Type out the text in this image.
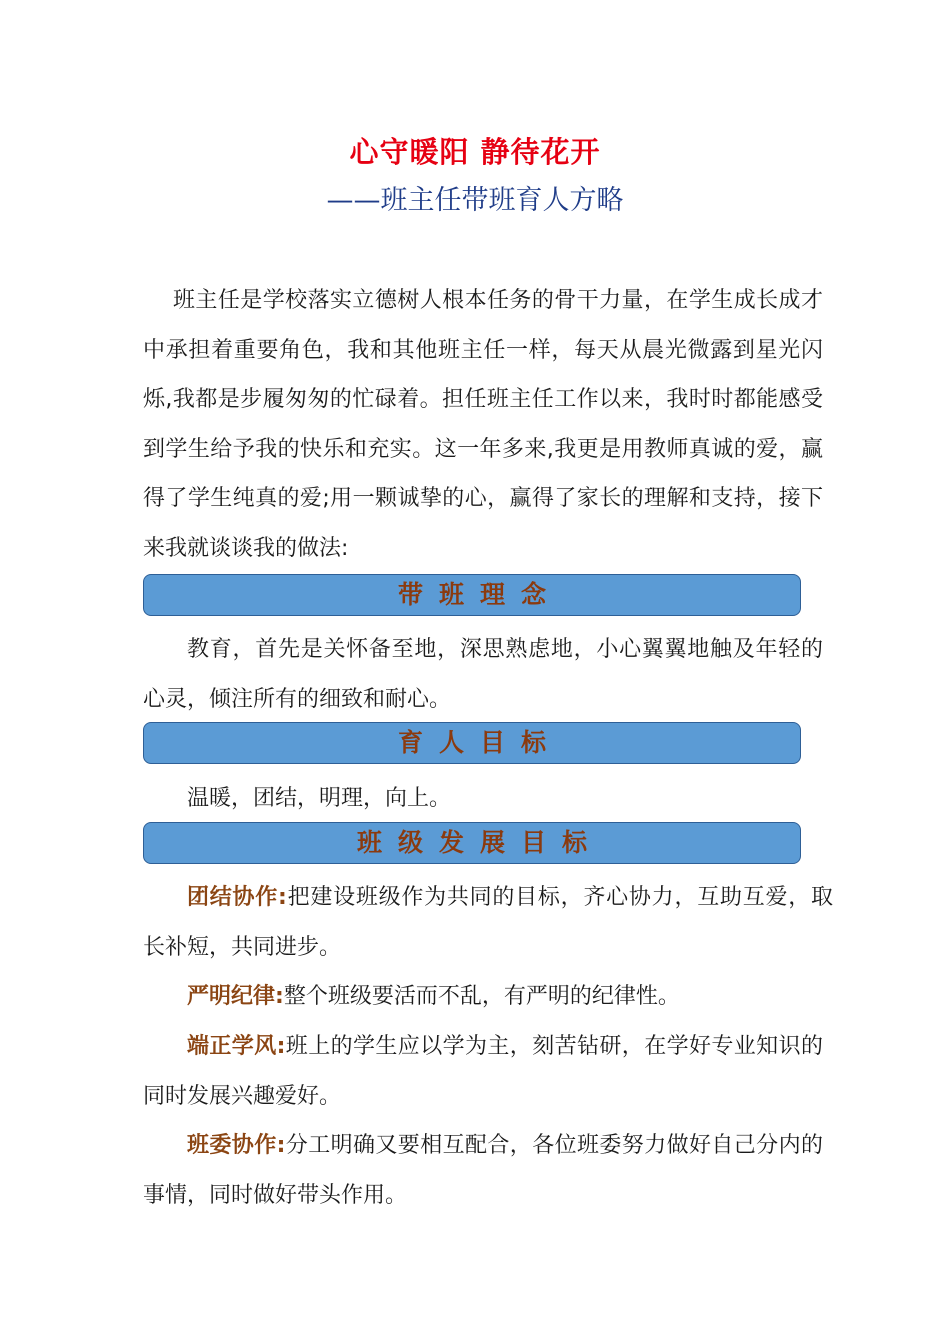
心守暖阳 静待花开
——班主任带班育人方略

班主任是学校落实立德树人根本任务的骨干力量，在学生成长成才中承担着重要角色，我和其他班主任一样，每天从晨光微露到星光闪烁,我都是步履匆匆的忙碌着。担任班主任工作以来，我时时都能感受到学生给予我的快乐和充实。这一年多来,我更是用教师真诚的爱，赢得了学生纯真的爱;用一颗诚挚的心，赢得了家长的理解和支持，接下来我就谈谈我的做法:

带班理念

教育，首先是关怀备至地，深思熟虑地，小心翼翼地触及年轻的心灵，倾注所有的细致和耐心。

育人目标

温暖，团结，明理，向上。

班级发展目标

团结协作:把建设班级作为共同的目标，齐心协力，互助互爱，取长补短，共同进步。

严明纪律:整个班级要活而不乱，有严明的纪律性。

端正学风:班上的学生应以学为主，刻苦钻研，在学好专业知识的同时发展兴趣爱好。

班委协作:分工明确又要相互配合，各位班委努力做好自己分内的事情，同时做好带头作用。
